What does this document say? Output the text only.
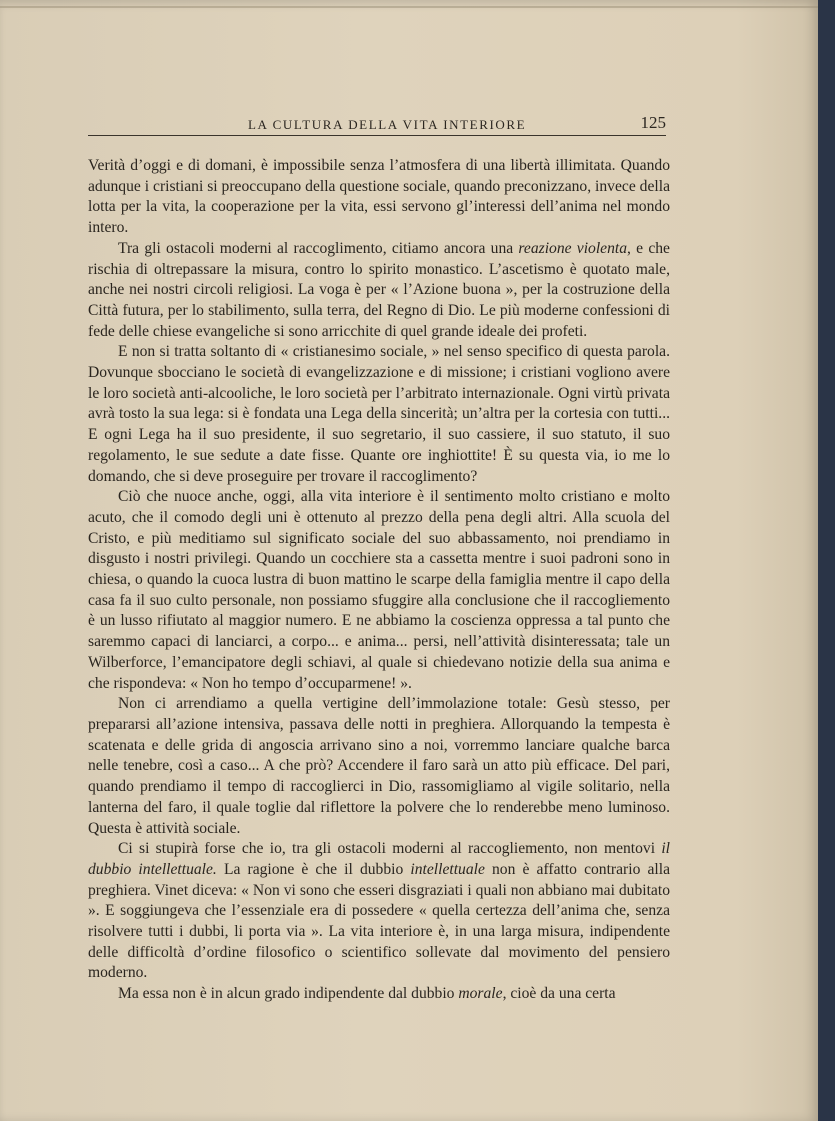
LA CULTURA DELLA VITA INTERIORE	125

Verità d’oggi e di domani, è impossibile senza l’atmosfera di una libertà illimitata. Quando adunque i cristiani si preoccupano della questione sociale, quando preconizzano, invece della lotta per la vita, la cooperazione per la vita, essi servono gl’interessi dell’anima nel mondo intero.

Tra gli ostacoli moderni al raccoglimento, citiamo ancora una reazione violenta, e che rischia di oltrepassare la misura, contro lo spirito monastico. L’ascetismo è quotato male, anche nei nostri circoli religiosi. La voga è per « l’Azione buona », per la costruzione della Città futura, per lo stabilimento, sulla terra, del Regno di Dio. Le più moderne confessioni di fede delle chiese evangeliche si sono arricchite di quel grande ideale dei profeti.

E non si tratta soltanto di « cristianesimo sociale, » nel senso specifico di questa parola. Dovunque sbocciano le società di evangelizzazione e di missione; i cristiani vogliono avere le loro società anti-alcooliche, le loro società per l’arbitrato internazionale. Ogni virtù privata avrà tosto la sua lega: si è fondata una Lega della sincerità; un’altra per la cortesia con tutti... E ogni Lega ha il suo presidente, il suo segretario, il suo cassiere, il suo statuto, il suo regolamento, le sue sedute a date fisse. Quante ore inghiottite! È su questa via, io me lo domando, che si deve proseguire per trovare il raccoglimento?

Ciò che nuoce anche, oggi, alla vita interiore è il sentimento molto cristiano e molto acuto, che il comodo degli uni è ottenuto al prezzo della pena degli altri. Alla scuola del Cristo, e più meditiamo sul significato sociale del suo abbassamento, noi prendiamo in disgusto i nostri privilegi. Quando un cocchiere sta a cassetta mentre i suoi padroni sono in chiesa, o quando la cuoca lustra di buon mattino le scarpe della famiglia mentre il capo della casa fa il suo culto personale, non possiamo sfuggire alla conclusione che il raccogliemento è un lusso rifiutato al maggior numero. E ne abbiamo la coscienza oppressa a tal punto che saremmo capaci di lanciarci, a corpo... e anima... persi, nell’attività disinteressata; tale un Wilberforce, l’emancipatore degli schiavi, al quale si chiedevano notizie della sua anima e che rispondeva: « Non ho tempo d’occuparmene! ».

Non ci arrendiamo a quella vertigine dell’immolazione totale: Gesù stesso, per prepararsi all’azione intensiva, passava delle notti in preghiera. Allorquando la tempesta è scatenata e delle grida di angoscia arrivano sino a noi, vorremmo lanciare qualche barca nelle tenebre, così a caso... A che prò? Accendere il faro sarà un atto più efficace. Del pari, quando prendiamo il tempo di raccoglierci in Dio, rassomigliamo al vigile solitario, nella lanterna del faro, il quale toglie dal riflettore la polvere che lo renderebbe meno luminoso. Questa è attività sociale.

Ci si stupirà forse che io, tra gli ostacoli moderni al raccogliemento, non mentovi il dubbio intellettuale. La ragione è che il dubbio intellettuale non è affatto contrario alla preghiera. Vinet diceva: « Non vi sono che esseri disgraziati i quali non abbiano mai dubitato ». E soggiungeva che l’essenziale era di possedere « quella certezza dell’anima che, senza risolvere tutti i dubbi, li porta via ». La vita interiore è, in una larga misura, indipendente delle difficoltà d’ordine filosofico o scientifico sollevate dal movimento del pensiero moderno.

Ma essa non è in alcun grado indipendente dal dubbio morale, cioè da una certa
